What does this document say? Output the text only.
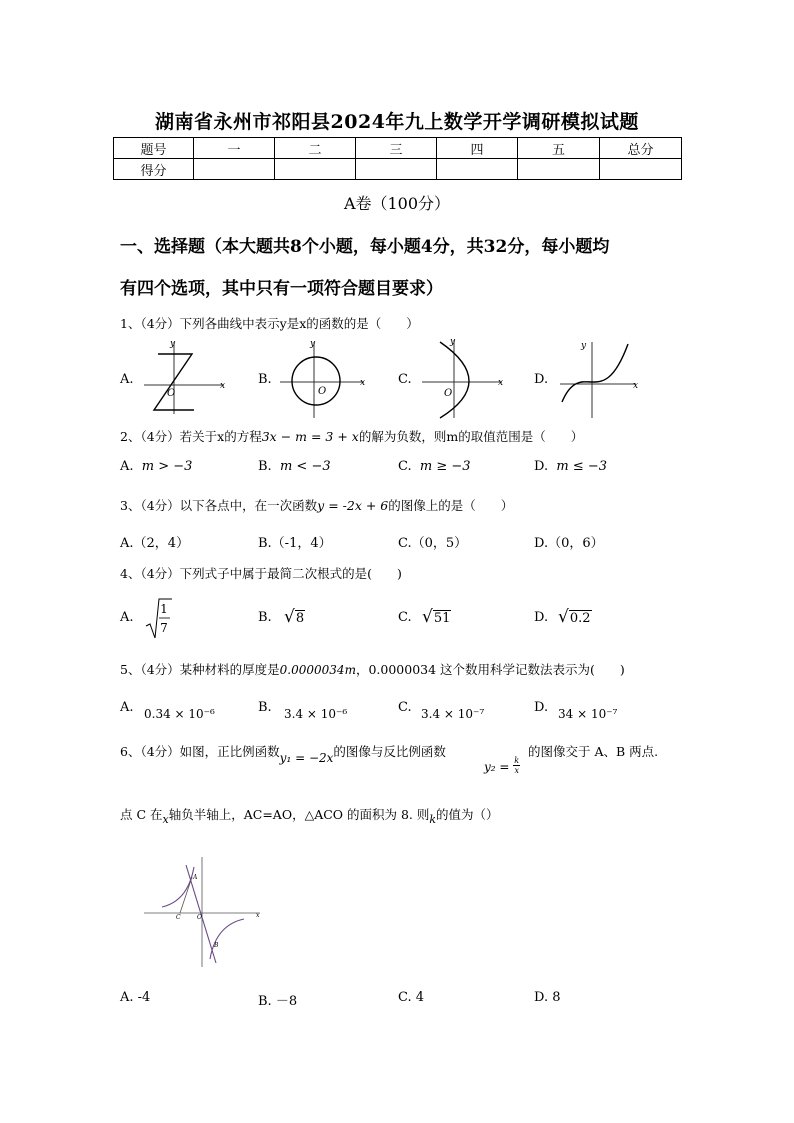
湖南省永州市祁阳县2024年九上数学开学调研模拟试题
题号	一	二	三	四	五	总分
得分						
A卷（100分）
一、选择题（本大题共8个小题，每小题4分，共32分，每小题均
有四个选项，其中只有一项符合题目要求）
1、（4分）下列各曲线中表示y是x的函数的是（　　）
A.	B.	C.	D.
O
x
y
O
x
y
O
x
y
x
y
2、（4分）若关于x的方程3x − m = 3 + x的解为负数，则m的取值范围是（　　）
A. m > −3	B. m < −3	C. m ≥ −3	D. m ≤ −3
3、（4分）以下各点中，在一次函数y = -2x + 6的图像上的是（　　）
A.（2，4）	B.（-1，4）	C.（0，5）	D.（0，6）
4、（4分）下列式子中属于最简二次根式的是(　　)
A.
1
7
B. √8	C. √51	D. √0.2
5、（4分）某种材料的厚度是0.0000034m，0.0000034 这个数用科学记数法表示为(　　)
A. 0.34 × 10⁻⁶	B. 3.4 × 10⁻⁶	C. 3.4 × 10⁻⁷	D. 34 × 10⁻⁷
6、（4分）如图，正比例函数y₁ = −2x的图像与反比例函数
$y_2 = \frac{k}{x}$
的图像交于 A、B 两点.
点 C 在x轴负半轴上，AC=AO，△ACO 的面积为 8. 则k的值为（）
A
B
C	O	x
A. -4	B. －8	C. 4	D. 8
